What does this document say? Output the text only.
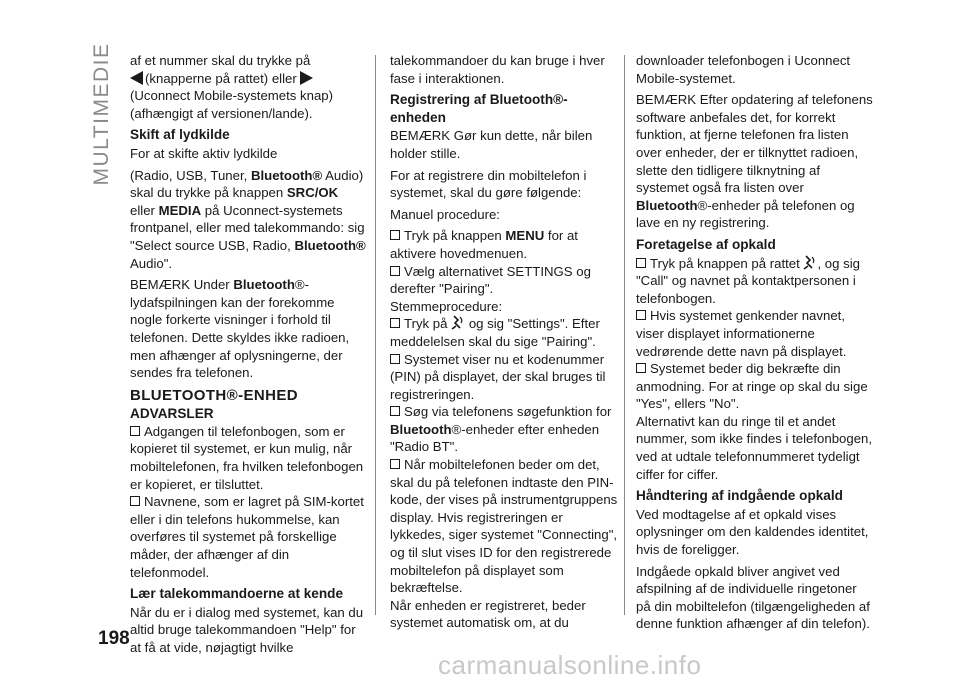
MULTIMEDIE af et nummer skal du trykke på

(knapperne på rattet) eller

(Uconnect Mobile-systemets knap)

(afhængigt af versionen/lande).

Skift af lydkilde

For at skifte aktiv lydkilde

(Radio, USB, Tuner, Bluetooth® Audio) skal du trykke på knappen SRC/OK eller MEDIA på Uconnect-systemets frontpanel, eller med talekommando: sig "Select source USB, Radio, Bluetooth® Audio".

BEMÆRK Under Bluetooth®-lydafspilningen kan der forekomme nogle forkerte visninger i forhold til telefonen. Dette skyldes ikke radioen, men afhænger af oplysningerne, der sendes fra telefonen.

BLUETOOTH®-ENHED

ADVARSLER

Adgangen til telefonbogen, som er kopieret til systemet, er kun mulig, når mobiltelefonen, fra hvilken telefonbogen er kopieret, er tilsluttet.

Navnene, som er lagret på SIM-kortet eller i din telefons hukommelse, kan overføres til systemet på forskellige måder, der afhænger af din telefonmodel.

Lær talekommandoerne at kende

Når du er i dialog med systemet, kan du altid bruge talekommandoen "Help" for at få at vide, nøjagtigt hvilke

talekommandoer du kan bruge i hver fase i interaktionen.

Registrering af Bluetooth®-enheden

BEMÆRK Gør kun dette, når bilen holder stille.

For at registrere din mobiltelefon i systemet, skal du gøre følgende:

Manuel procedure:

Tryk på knappen MENU for at aktivere hovedmenuen.

Vælg alternativet SETTINGS og derefter "Pairing".

Stemmeprocedure:

Tryk på  og sig "Settings". Efter meddelelsen skal du sige "Pairing".

Systemet viser nu et kodenummer (PIN) på displayet, der skal bruges til registreringen.

Søg via telefonens søgefunktion for Bluetooth®-enheder efter enheden "Radio BT".

Når mobiltelefonen beder om det, skal du på telefonen indtaste den PIN-kode, der vises på instrumentgruppens display. Hvis registreringen er lykkedes, siger systemet "Connecting", og til slut vises ID for den registrerede mobiltelefon på displayet som bekræftelse.

Når enheden er registreret, beder systemet automatisk om, at du

downloader telefonbogen i Uconnect Mobile-systemet.

BEMÆRK Efter opdatering af telefonens software anbefales det, for korrekt funktion, at fjerne telefonen fra listen over enheder, der er tilknyttet radioen, slette den tidligere tilknytning af systemet også fra listen over Bluetooth®-enheder på telefonen og lave en ny registrering.

Foretagelse af opkald

Tryk på knappen på rattet , og sig "Call" og navnet på kontaktpersonen i telefonbogen.

Hvis systemet genkender navnet, viser displayet informationerne vedrørende dette navn på displayet.

Systemet beder dig bekræfte din anmodning. For at ringe op skal du sige "Yes", ellers "No".

Alternativt kan du ringe til et andet nummer, som ikke findes i telefonbogen, ved at udtale telefonnummeret tydeligt ciffer for ciffer.

Håndtering af indgående opkald

Ved modtagelse af et opkald vises oplysninger om den kaldendes identitet, hvis de foreligger.

Indgåede opkald bliver angivet ved afspilning af de individuelle ringetoner på din mobiltelefon (tilgængeligheden af denne funktion afhænger af din telefon).

198
carmanualsonline.info
